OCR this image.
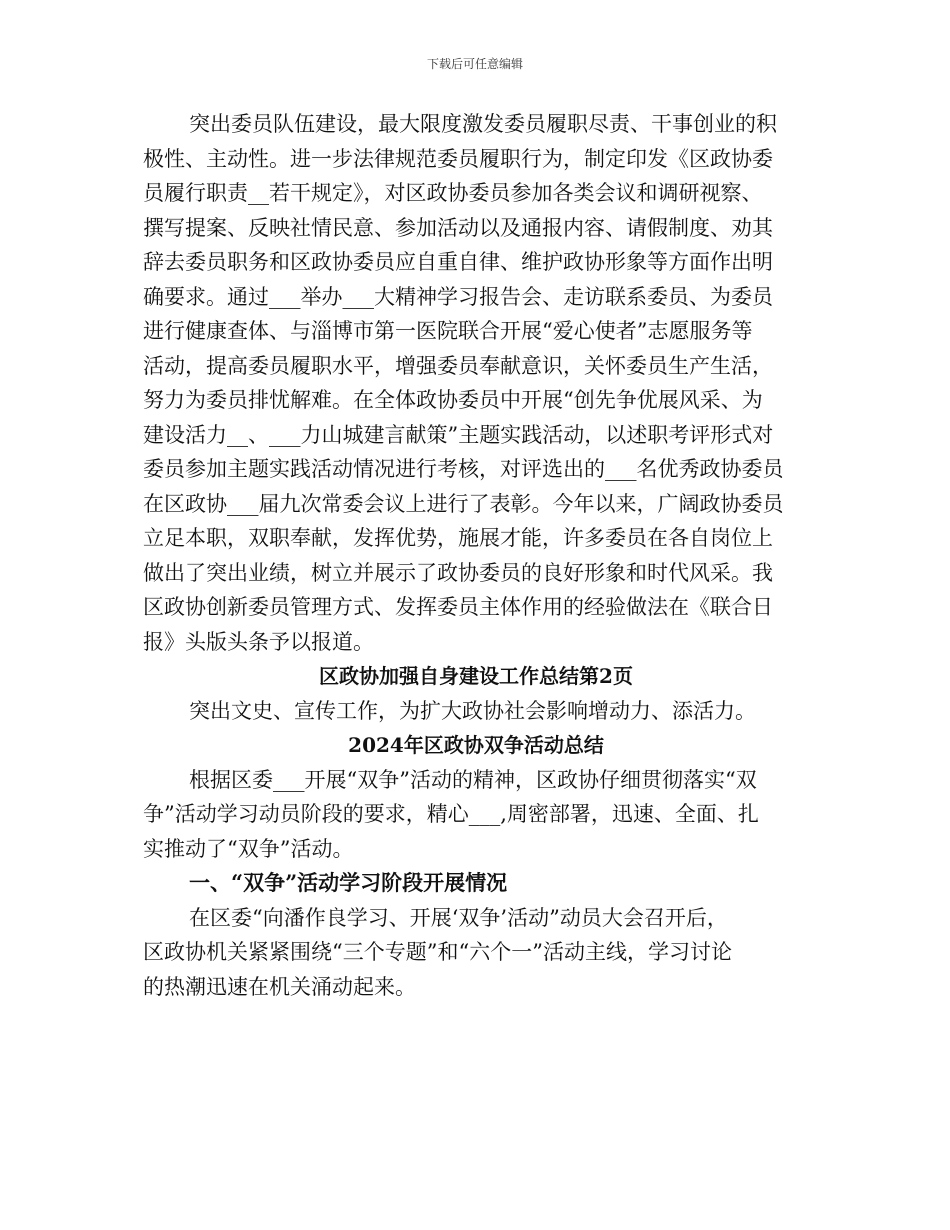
下载后可任意编辑
突出委员队伍建设，最大限度激发委员履职尽责、干事创业的积
极性、主动性。进一步法律规范委员履职行为，制定印发《区政协委
员履行职责__若干规定》，对区政协委员参加各类会议和调研视察、
撰写提案、反映社情民意、参加活动以及通报内容、请假制度、劝其
辞去委员职务和区政协委员应自重自律、维护政协形象等方面作出明
确要求。通过___举办___大精神学习报告会、走访联系委员、为委员
进行健康查体、与淄博市第一医院联合开展“爱心使者”志愿服务等
活动，提高委员履职水平，增强委员奉献意识，关怀委员生产生活，
努力为委员排忧解难。在全体政协委员中开展“创先争优展风采、为
建设活力__、___力山城建言献策”主题实践活动，以述职考评形式对
委员参加主题实践活动情况进行考核，对评选出的___名优秀政协委员
在区政协___届九次常委会议上进行了表彰。今年以来，广阔政协委员
立足本职，双职奉献，发挥优势，施展才能，许多委员在各自岗位上
做出了突出业绩，树立并展示了政协委员的良好形象和时代风采。我
区政协创新委员管理方式、发挥委员主体作用的经验做法在《联合日
报》头版头条予以报道。
区政协加强自身建设工作总结第2页
突出文史、宣传工作，为扩大政协社会影响增动力、添活力。
2024年区政协双争活动总结
根据区委___开展“双争”活动的精神，区政协仔细贯彻落实“双
争”活动学习动员阶段的要求，精心___,周密部署，迅速、全面、扎
实推动了“双争”活动。
一、“双争”活动学习阶段开展情况
在区委“向潘作良学习、开展‘双争’活动”动员大会召开后，
区政协机关紧紧围绕“三个专题”和“六个一”活动主线，学习讨论
的热潮迅速在机关涌动起来。
